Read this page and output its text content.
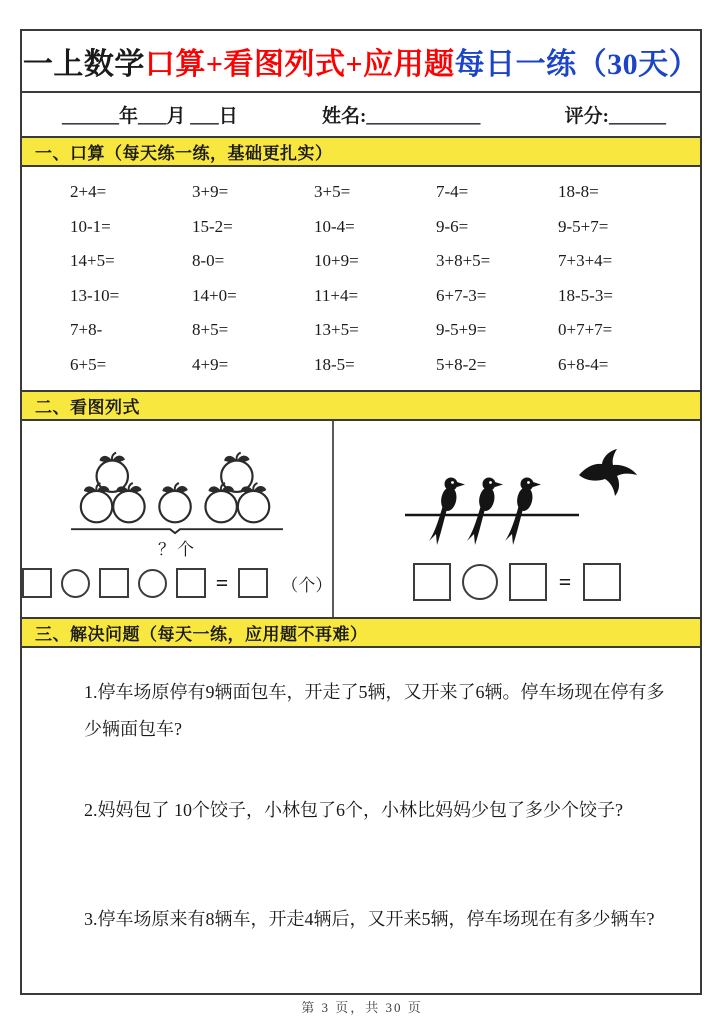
一上数学 口算+看图列式+应用题 每日一练（30天）
______年___月 ___日	姓名:____________	评分:______
一、口算（每天练一练，基础更扎实）
2+4=	3+9=	3+5=	7-4=	18-8=
10-1=	15-2=	10-4=	9-6=	9-5+7=
14+5=	8-0=	10+9=	3+8+5=	7+3+4=
13-10=	14+0=	11+4=	6+7-3=	18-5-3=
7+8-	8+5=	13+5=	9-5+9=	0+7+7=
6+5=	4+9=	18-5=	5+8-2=	6+8-4=
二、看图列式
？个
=	（个）	=
三、解决问题（每天一练，应用题不再难）
1.停车场原停有9辆面包车，开走了5辆，又开来了6辆。停车场现在停有多少辆面包车?
2.妈妈包了 10个饺子，小林包了6个，小林比妈妈少包了多少个饺子?
3.停车场原来有8辆车，开走4辆后，又开来5辆，停车场现在有多少辆车?
第 3 页，共 30 页
